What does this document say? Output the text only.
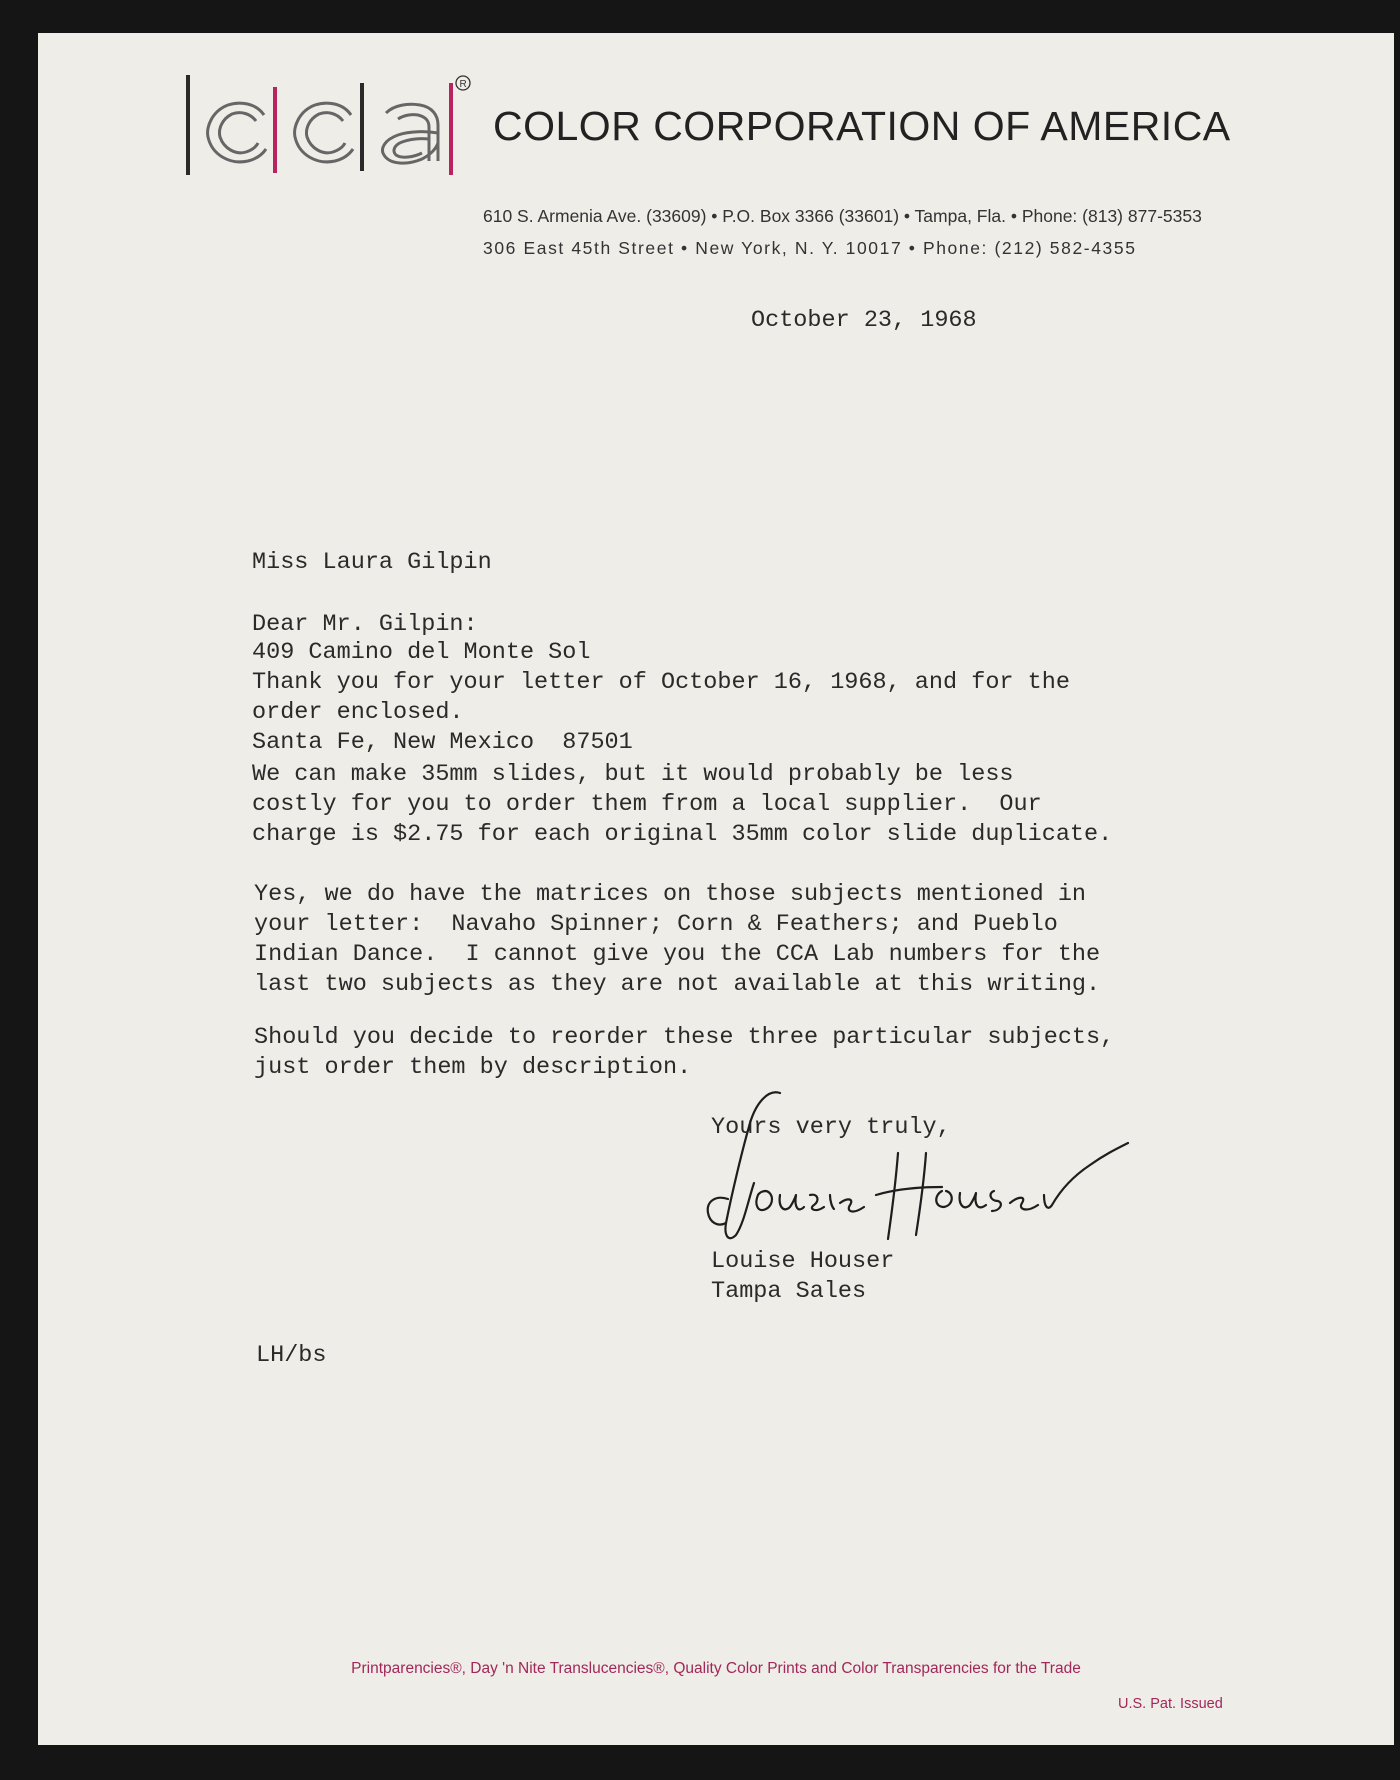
R
COLOR CORPORATION OF AMERICA
610 S. Armenia Ave. (33609) • P.O. Box 3366 (33601) • Tampa, Fla. • Phone: (813) 877-5353
306 East 45th Street • New York, N. Y. 10017 • Phone: (212) 582-4355
October 23, 1968

Miss Laura Gilpin

409 Camino del Monte Sol

Santa Fe, New Mexico  87501

Dear Mr. Gilpin:
Thank you for your letter of October 16, 1968, and for the
order enclosed.
We can make 35mm slides, but it would probably be less
costly for you to order them from a local supplier.  Our
charge is $2.75 for each original 35mm color slide duplicate.
Yes, we do have the matrices on those subjects mentioned in
your letter:  Navaho Spinner; Corn & Feathers; and Pueblo
Indian Dance.  I cannot give you the CCA Lab numbers for the
last two subjects as they are not available at this writing.
Should you decide to reorder these three particular subjects,
just order them by description.
Yours very truly,
Louise Houser
Tampa Sales
LH/bs
Printparencies®, Day 'n Nite Translucencies®, Quality Color Prints and Color Transparencies for the Trade
U.S. Pat. Issued
